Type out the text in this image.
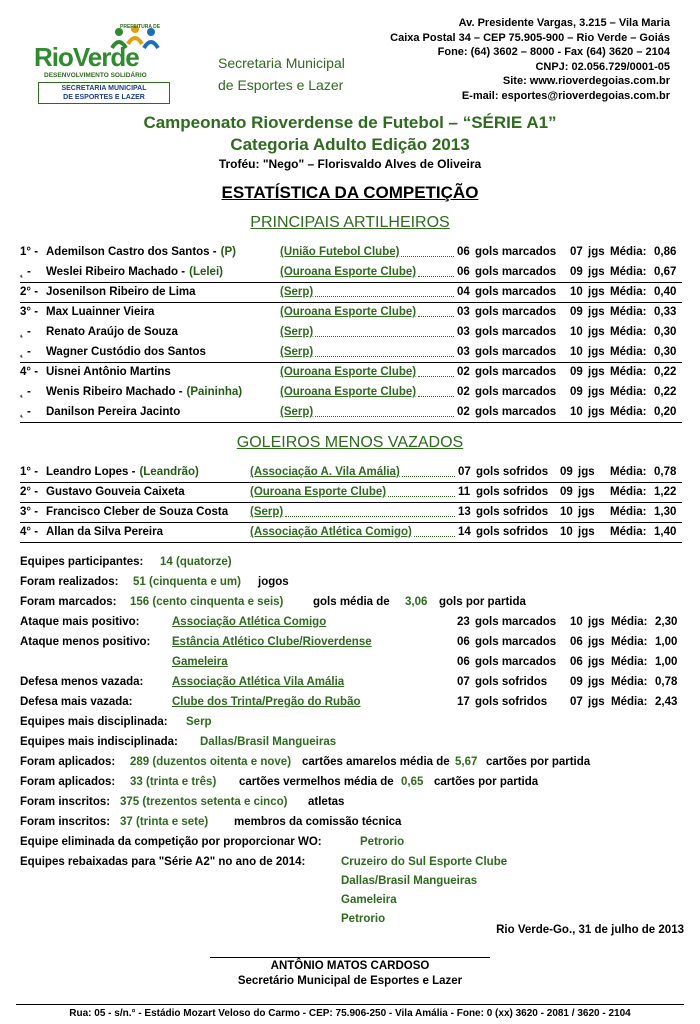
PREFEITURA DE
RioVerde
DESENVOLVIMENTO SOLIDÁRIO
SECRETARIA MUNICIPAL
DE ESPORTES E LAZER
Secretaria Municipal
de Esportes e Lazer
Av. Presidente Vargas, 3.215 – Vila Maria
Caixa Postal 34 – CEP 75.905-900 – Rio Verde – Goiás
Fone: (64) 3602 – 8000 - Fax (64) 3620 – 2104
CNPJ: 02.056.729/0001-05
Site: www.rioverdegoias.com.br
E-mail: esportes@rioverdegoias.com.br
Campeonato Rioverdense de Futebol – “SÉRIE A1”
Categoria Adulto Edição 2013
Troféu: "Nego" – Florisvaldo Alves de Oliveira
ESTATÍSTICA DA COMPETIÇÃO
PRINCIPAIS ARTILHEIROS
1° - Ademilson Castro dos Santos - (P)	(União Futebol Clube)	06 gols marcados 07 jgs Média: 0,86
˛ - Weslei Ribeiro Machado - (Lelei)	(Ouroana Esporte Clube)	06 gols marcados 09 jgs Média: 0,67
2° - Josenilson Ribeiro de Lima	(Serp)	04 gols marcados 10 jgs Média: 0,40
3° - Max Luainner Vieira	(Ouroana Esporte Clube)	03 gols marcados 09 jgs Média: 0,33
˛ - Renato Araújo de Souza	(Serp)	03 gols marcados 10 jgs Média: 0,30
˛ - Wagner Custódio dos Santos	(Serp)	03 gols marcados 10 jgs Média: 0,30
4° - Uisnei Antônio Martins	(Ouroana Esporte Clube)	02 gols marcados 09 jgs Média: 0,22
˛ - Wenis Ribeiro Machado - (Paininha)	(Ouroana Esporte Clube)	02 gols marcados 09 jgs Média: 0,22
˛ - Danilson Pereira Jacinto	(Serp)	02 gols marcados 10 jgs Média: 0,20
GOLEIROS MENOS VAZADOS
1° - Leandro Lopes - (Leandrão)	(Associação A. Vila Amália)	07 gols sofridos 09 jgs Média: 0,78
2° - Gustavo Gouveia Caixeta	(Ouroana Esporte Clube)	11 gols sofridos 09 jgs Média: 1,22
3° - Francisco Cleber de Souza Costa (Serp)	13 gols sofridos 10 jgs Média: 1,30
4° - Allan da Silva Pereira	(Associação Atlética Comigo)	14 gols sofridos 10 jgs Média: 1,40
Equipes participantes: 14 (quatorze)
Foram realizados: 51 (cinquenta e um) jogos
Foram marcados: 156 (cento cinquenta e seis)	gols média de 3,06 gols por partida
Ataque mais positivo:	Associação Atlética Comigo	23 gols marcados 10 jgs Média: 2,30
Ataque menos positivo: Estância Atlético Clube/Rioverdense	06 gols marcados 06 jgs Média: 1,00
Gameleira	06 gols marcados 06 jgs Média: 1,00
Defesa menos vazada: Associação Atlética Vila Amália	07 gols sofridos 09 jgs Média: 0,78
Defesa mais vazada:	Clube dos Trinta/Pregão do Rubão	17 gols sofridos 07 jgs Média: 2,43
Equipes mais disciplinada: Serp
Equipes mais indisciplinada: Dallas/Brasil Mangueiras
Foram aplicados: 289 (duzentos oitenta e nove) cartões amarelos média de 5,67 cartões por partida
Foram aplicados: 33 (trinta e três) cartões vermelhos média de 0,65 cartões por partida
Foram inscritos: 375 (trezentos setenta e cinco) atletas
Foram inscritos: 37 (trinta e sete) membros da comissão técnica
Equipe eliminada da competição por proporcionar WO:	Petrorio
Equipes rebaixadas para "Série A2" no ano de 2014:	Cruzeiro do Sul Esporte Clube
Dallas/Brasil Mangueiras
Gameleira
Petrorio
Rio Verde-Go., 31 de julho de 2013
ANTÔNIO MATOS CARDOSO
Secretário Municipal de Esportes e Lazer
Rua: 05 - s/n.° - Estádio Mozart Veloso do Carmo - CEP: 75.906-250 - Vila Amália - Fone: 0 (xx) 3620 - 2081 / 3620 - 2104
